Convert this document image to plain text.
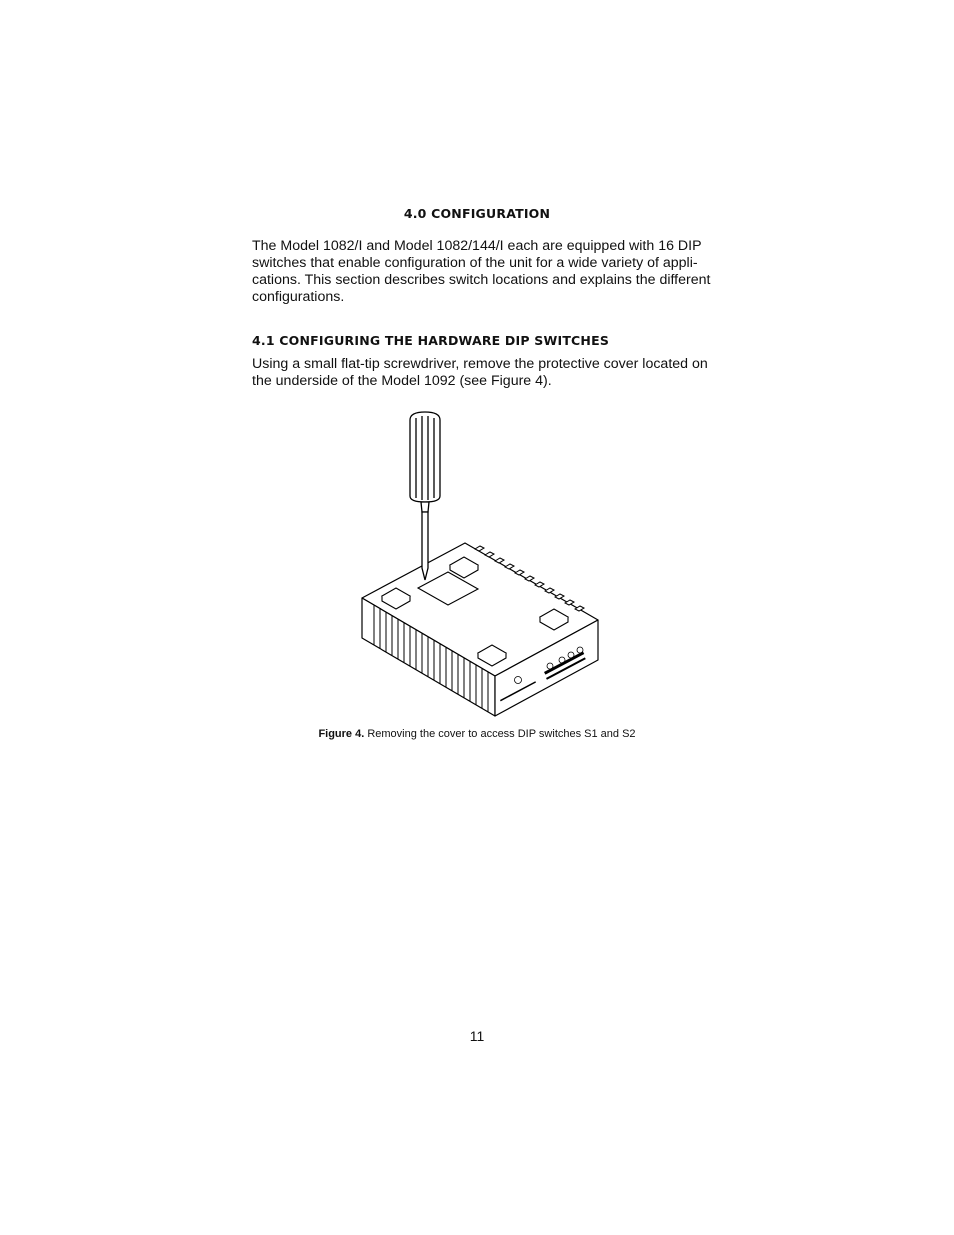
4.0 CONFIGURATION
The Model 1082/I and Model 1082/144/I each are equipped with 16 DIP switches that enable configuration of the unit for a wide variety of appli- cations. This section describes switch locations and explains the different configurations.
4.1 CONFIGURING THE HARDWARE DIP SWITCHES
Using a small flat-tip screwdriver, remove the protective cover located on the underside of the Model 1092 (see Figure 4).
Figure 4. Removing the cover to access DIP switches S1 and S2
11
